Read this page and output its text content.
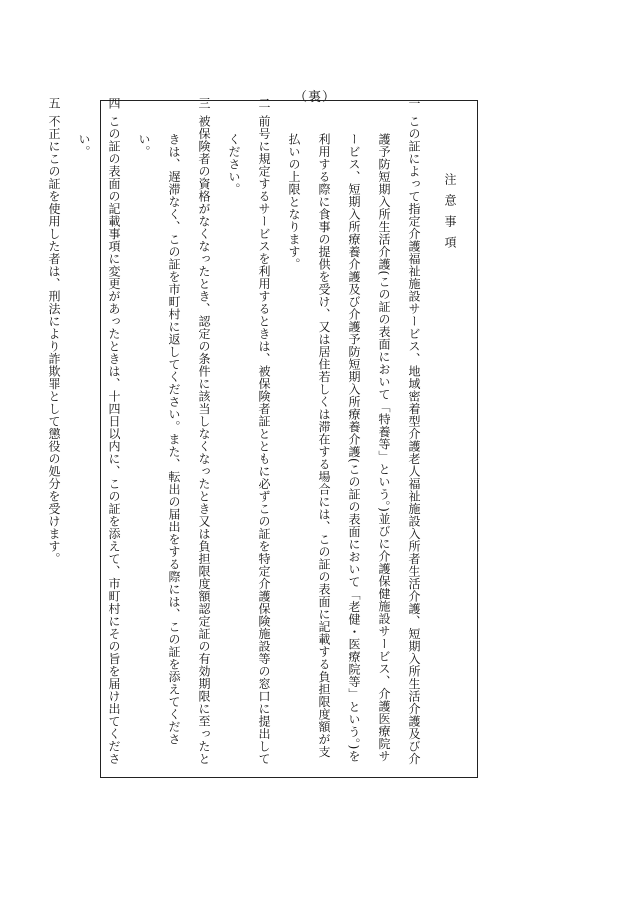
（裏）
注意事項
一この証によって指定介護福祉施設サービス、地域密着型介護老人福祉施設入所者生活介護、短期入所生活介護及び介護予防短期入所生活介護(この証の表面において「特養等」という。)並びに介護保健施設サービス、介護医療院サービス、短期入所療養介護及び介護予防短期入所療養介護(この証の表面において「老健・医療院等」という。)を利用する際に食事の提供を受け、又は居住若しくは滞在する場合には、この証の表面に記載する負担限度額が支払いの上限となります。
二前号に規定するサービスを利用するときは、被保険者証とともに必ずこの証を特定介護保険施設等の窓口に提出してください。
三被保険者の資格がなくなったとき、認定の条件に該当しなくなったとき又は負担限度額認定証の有効期限に至ったときは、遅滞なく、この証を市町村に返してください。また、転出の届出をする際には、この証を添えてください。
四この証の表面の記載事項に変更があったときは、十四日以内に、この証を添えて、市町村にその旨を届け出てください。
五不正にこの証を使用した者は、刑法により詐欺罪として懲役の処分を受けます。
